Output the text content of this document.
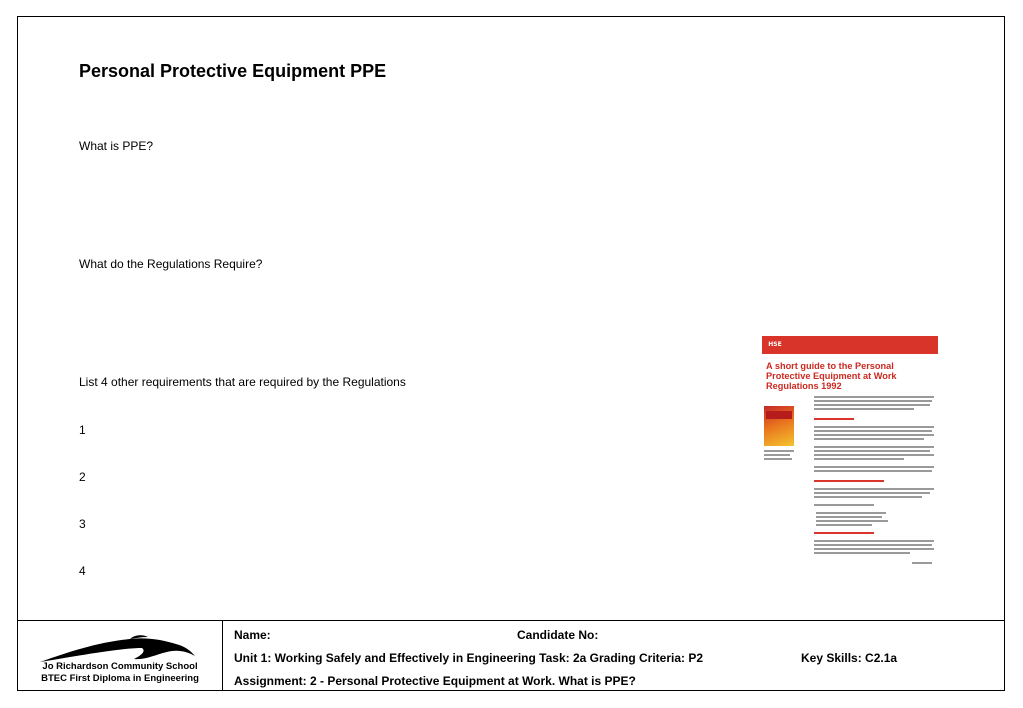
Personal Protective Equipment PPE
What is PPE?
What do the Regulations Require?
List 4 other requirements that are required by the Regulations
1
2
3
4
HSE
A short guide to the Personal
Protective Equipment at Work
Regulations 1992
Jo Richardson Community School
BTEC First Diploma in Engineering
Name:	Candidate No:
Unit 1: Working Safely and Effectively in Engineering Task: 2a Grading Criteria: P2	Key Skills: C2.1a
Assignment: 2 - Personal Protective Equipment at Work. What is PPE?
